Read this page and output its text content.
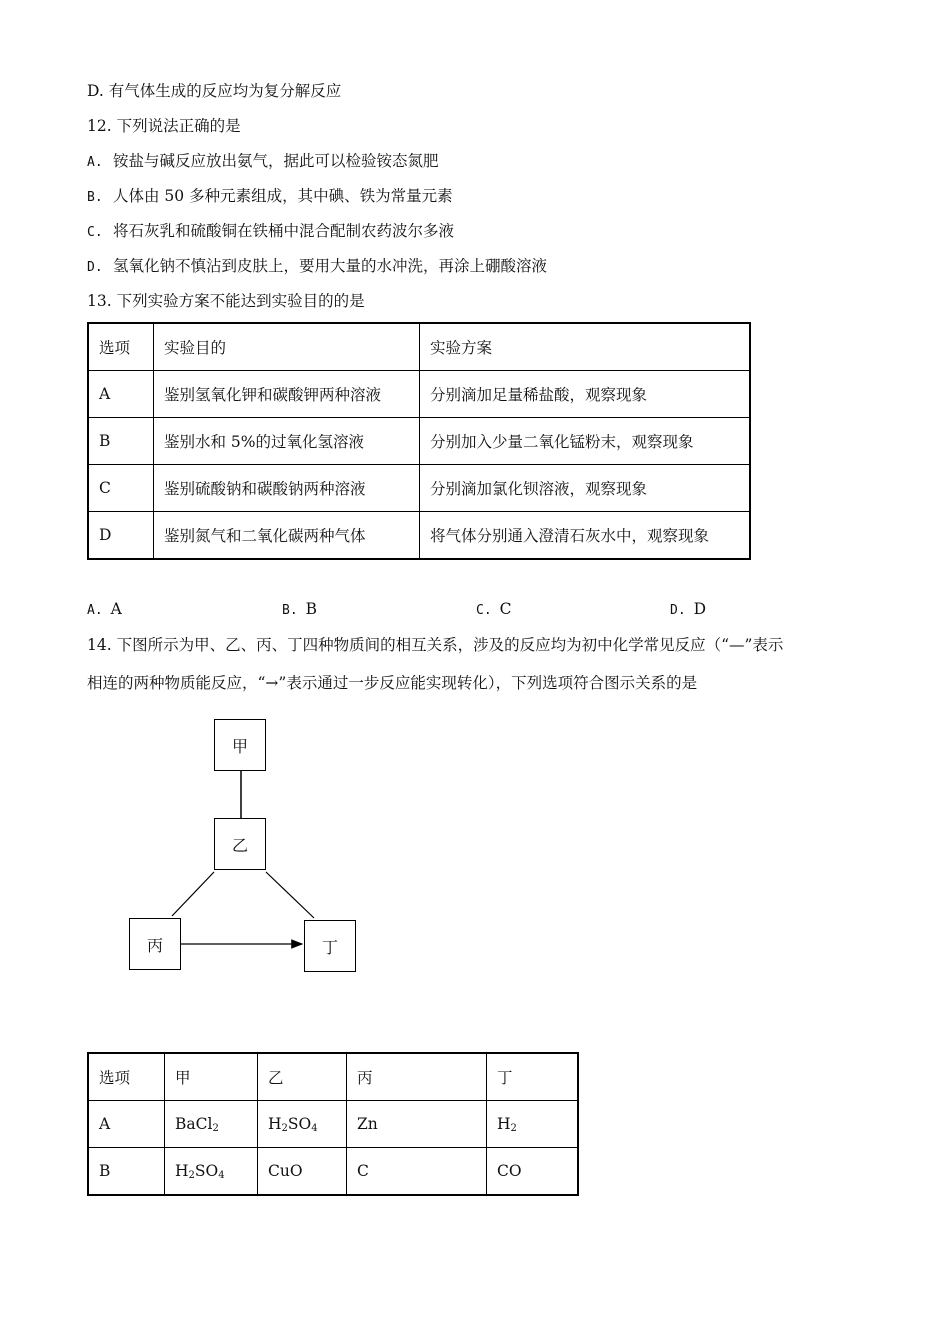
D. 有气体生成的反应均为复分解反应
12. 下列说法正确的是
A. 铵盐与碱反应放出氨气，据此可以检验铵态氮肥
B. 人体由 50 多种元素组成，其中碘、铁为常量元素
C. 将石灰乳和硫酸铜在铁桶中混合配制农药波尔多液
D. 氢氧化钠不慎沾到皮肤上，要用大量的水冲洗，再涂上硼酸溶液
13. 下列实验方案不能达到实验目的的是
选项	实验目的	实验方案
A	鉴别氢氧化钾和碳酸钾两种溶液	分别滴加足量稀盐酸，观察现象
B	鉴别水和 5%的过氧化氢溶液	分别加入少量二氧化锰粉末，观察现象
C	鉴别硫酸钠和碳酸钠两种溶液	分别滴加氯化钡溶液，观察现象
D	鉴别氮气和二氧化碳两种气体	将气体分别通入澄清石灰水中，观察现象
A. A	B. B	C. C	D. D
14. 下图所示为甲、乙、丙、丁四种物质间的相互关系，涉及的反应均为初中化学常见反应（“—”表示
相连的两种物质能反应，“→”表示通过一步反应能实现转化），下列选项符合图示关系的是
甲
乙
丙	丁
选项	甲	乙	丙	丁
A	BaCl$_2$	$H_2SO_4$	Zn	$H_2$
B	$H_2SO_4$	CuO	C	CO
